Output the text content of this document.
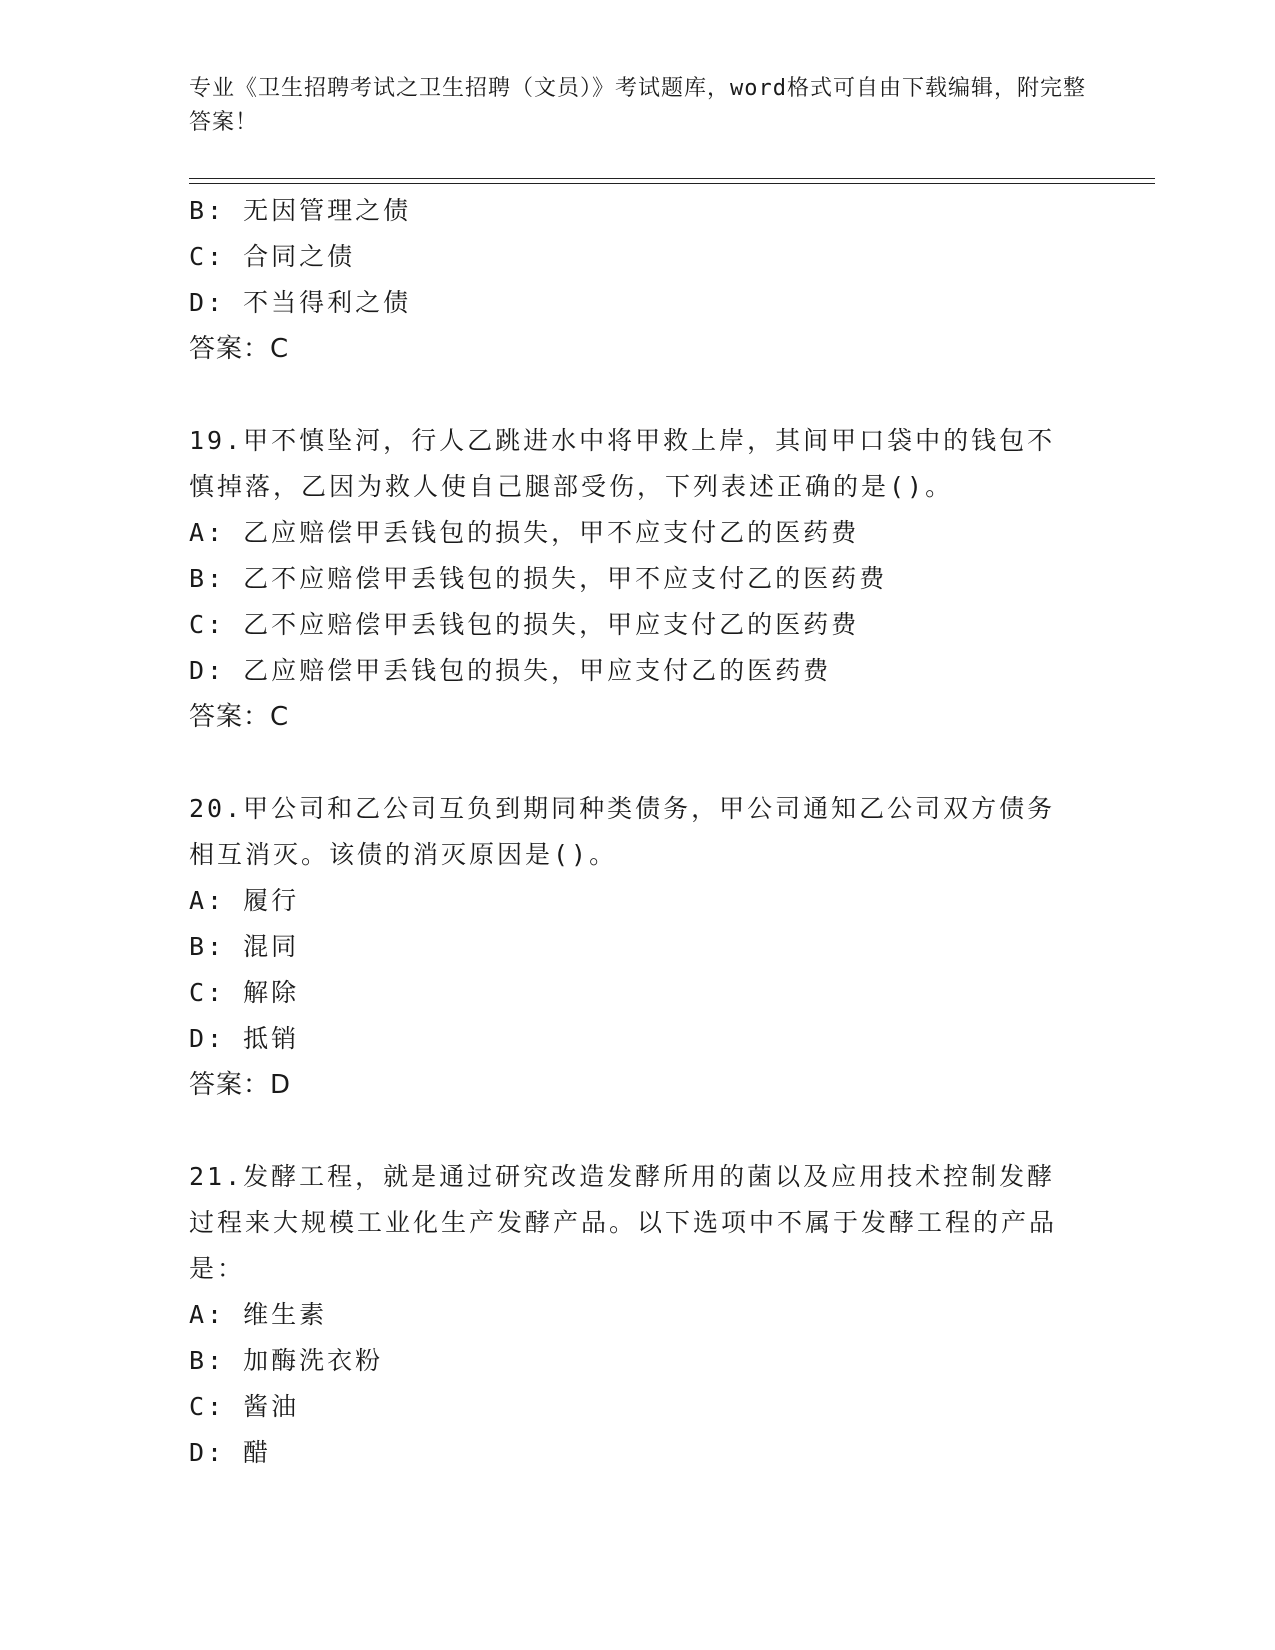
专业《卫生招聘考试之卫生招聘（文员）》考试题库，word格式可自由下载编辑，附完整答案！
B: 无因管理之债
C: 合同之债
D: 不当得利之债
答案：C
19.甲不慎坠河，行人乙跳进水中将甲救上岸，其间甲口袋中的钱包不慎掉落，乙因为救人使自己腿部受伤，下列表述正确的是()。
A: 乙应赔偿甲丢钱包的损失，甲不应支付乙的医药费
B: 乙不应赔偿甲丢钱包的损失，甲不应支付乙的医药费
C: 乙不应赔偿甲丢钱包的损失，甲应支付乙的医药费
D: 乙应赔偿甲丢钱包的损失，甲应支付乙的医药费
答案：C
20.甲公司和乙公司互负到期同种类债务，甲公司通知乙公司双方债务相互消灭。该债的消灭原因是()。
A: 履行
B: 混同
C: 解除
D: 抵销
答案：D
21.发酵工程，就是通过研究改造发酵所用的菌以及应用技术控制发酵过程来大规模工业化生产发酵产品。以下选项中不属于发酵工程的产品是：
A: 维生素
B: 加酶洗衣粉
C: 酱油
D: 醋
